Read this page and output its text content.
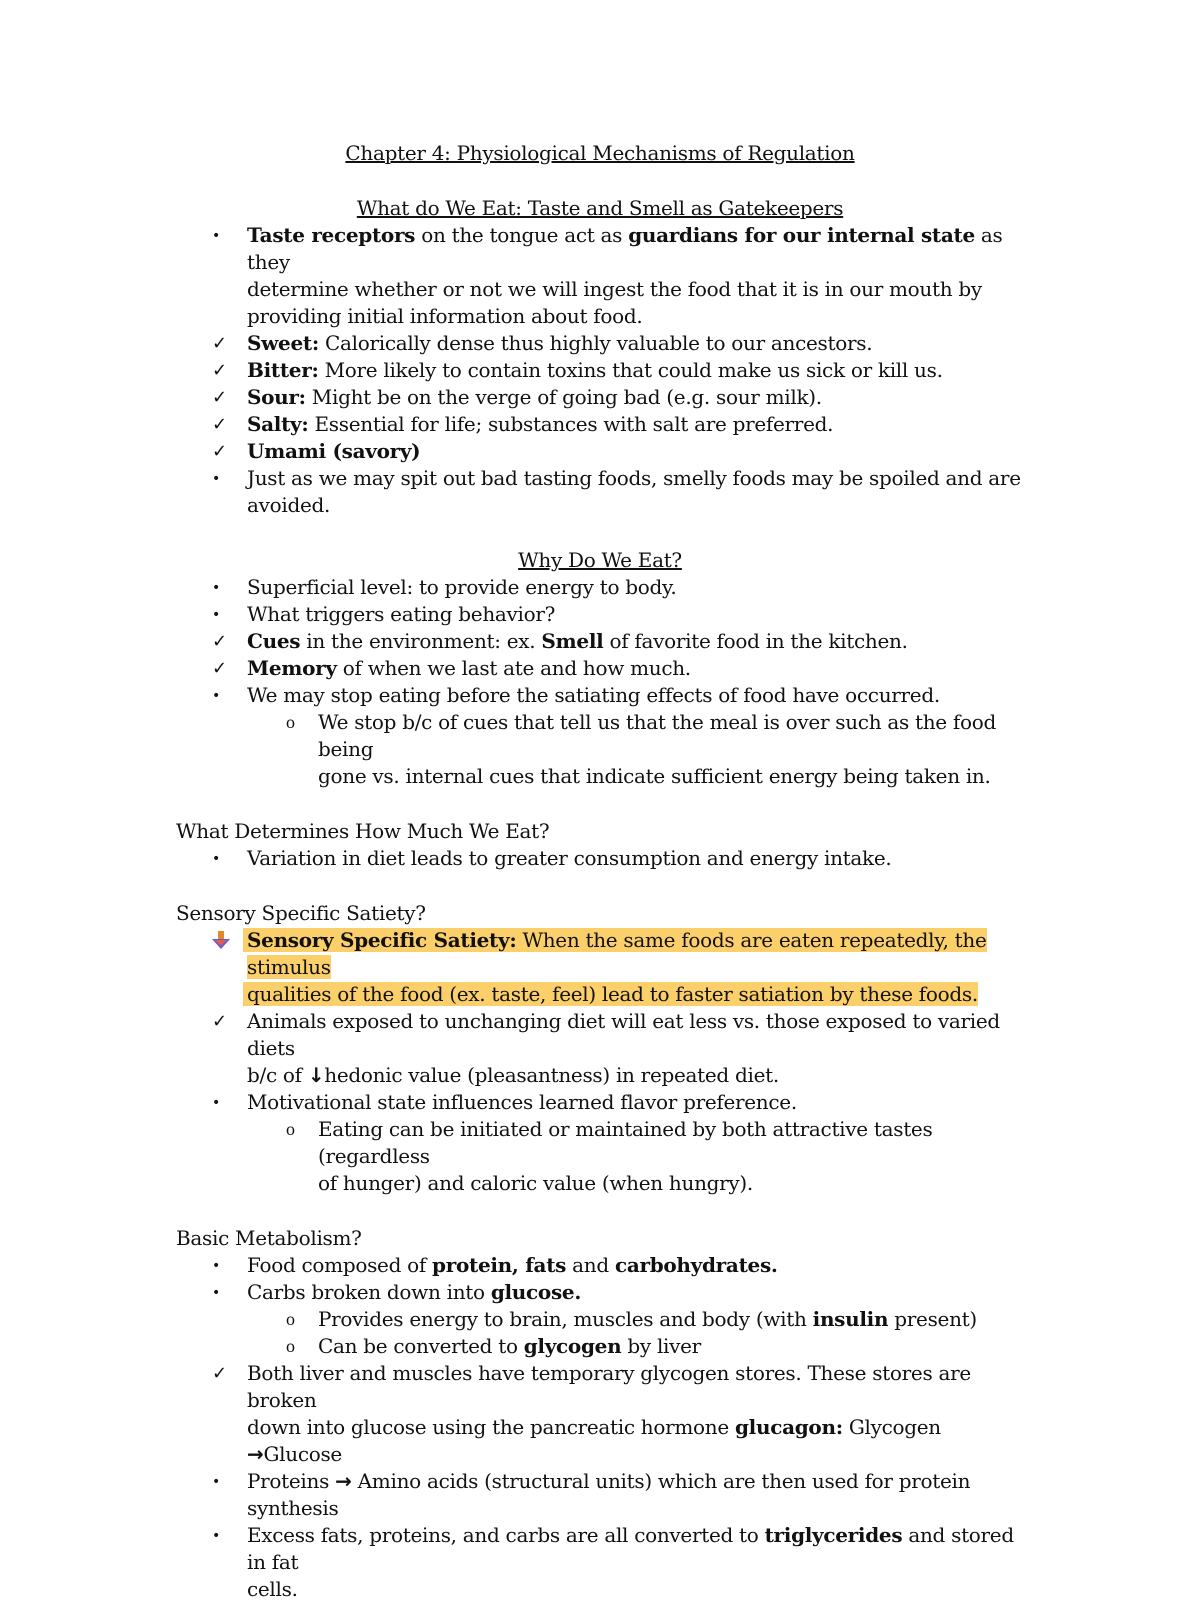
Chapter 4: Physiological Mechanisms of Regulation

What do We Eat: Taste and Smell as Gatekeepers

•	Taste receptors on the tongue act as guardians for our internal state as they

determine whether or not we will ingest the food that it is in our mouth by

providing initial information about food.

✓ Sweet: Calorically dense thus highly valuable to our ancestors.

✓ Bitter: More likely to contain toxins that could make us sick or kill us.

✓ Sour: Might be on the verge of going bad (e.g. sour milk).

✓ Salty: Essential for life; substances with salt are preferred.

✓ Umami (savory)

•	Just as we may spit out bad tasting foods, smelly foods may be spoiled and are

avoided.

Why Do We Eat?

•	Superficial level: to provide energy to body.

•	What triggers eating behavior?

✓ Cues in the environment: ex. Smell of favorite food in the kitchen.

✓ Memory of when we last ate and how much.

•	We may stop eating before the satiating effects of food have occurred.

o	We stop b/c of cues that tell us that the meal is over such as the food being

gone vs. internal cues that indicate sufficient energy being taken in.

What Determines How Much We Eat?

•	Variation in diet leads to greater consumption and energy intake.

Sensory Specific Satiety?

Sensory Specific Satiety: When the same foods are eaten repeatedly, the stimulus

qualities of the food (ex. taste, feel) lead to faster satiation by these foods.

✓ Animals exposed to unchanging diet will eat less vs. those exposed to varied diets

b/c of ↓hedonic value (pleasantness) in repeated diet.

•	Motivational state influences learned flavor preference.

o	Eating can be initiated or maintained by both attractive tastes (regardless

of hunger) and caloric value (when hungry).

Basic Metabolism?

•	Food composed of protein, fats and carbohydrates.

•	Carbs broken down into glucose.

o	Provides energy to brain, muscles and body (with insulin present)

o	Can be converted to glycogen by liver

✓ Both liver and muscles have temporary glycogen stores. These stores are broken

down into glucose using the pancreatic hormone glucagon: Glycogen →Glucose

•	Proteins → Amino acids (structural units) which are then used for protein

synthesis

•	Excess fats, proteins, and carbs are all converted to triglycerides and stored in fat

cells.
